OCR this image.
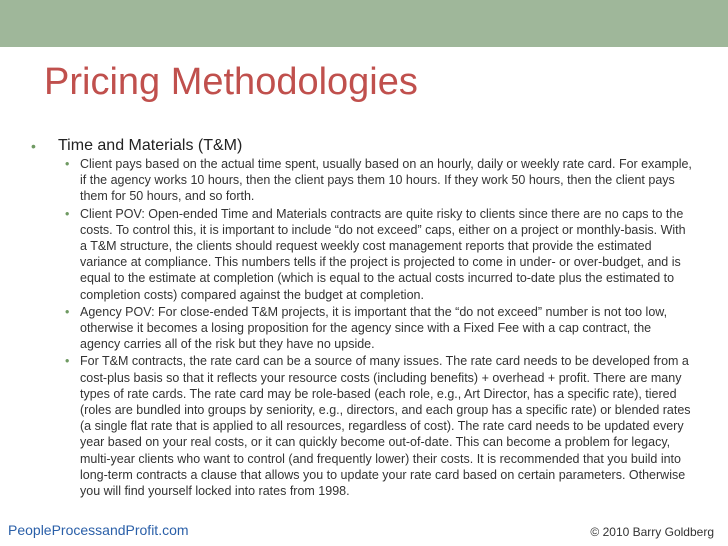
Pricing Methodologies
• Time and Materials (T&M)
• Client pays based on the actual time spent, usually based on an hourly, daily or weekly rate card. For example, if the agency works 10 hours, then the client pays them 10 hours. If they work 50 hours, then the client pays them for 50 hours, and so forth.
• Client POV: Open-ended Time and Materials contracts are quite risky to clients since there are no caps to the costs. To control this, it is important to include “do not exceed” caps, either on a project or monthly-basis. With a T&M structure, the clients should request weekly cost management reports that provide the estimated variance at compliance. This numbers tells if the project is projected to come in under- or over-budget, and is equal to the estimate at completion (which is equal to the actual costs incurred to-date plus the estimated to completion costs) compared against the budget at completion.
• Agency POV: For close-ended T&M projects, it is important that the “do not exceed” number is not too low, otherwise it becomes a losing proposition for the agency since with a Fixed Fee with a cap contract, the agency carries all of the risk but they have no upside.
• For T&M contracts, the rate card can be a source of many issues. The rate card needs to be developed from a cost-plus basis so that it reflects your resource costs (including benefits) + overhead + profit. There are many types of rate cards. The rate card may be role-based (each role, e.g., Art Director, has a specific rate), tiered (roles are bundled into groups by seniority, e.g., directors, and each group has a specific rate) or blended rates (a single flat rate that is applied to all resources, regardless of cost). The rate card needs to be updated every year based on your real costs, or it can quickly become out-of-date. This can become a problem for legacy, multi-year clients who want to control (and frequently lower) their costs. It is recommended that you build into long-term contracts a clause that allows you to update your rate card based on certain parameters. Otherwise you will find yourself locked into rates from 1998.
PeopleProcessandProfit.com	© 2010 Barry Goldberg
